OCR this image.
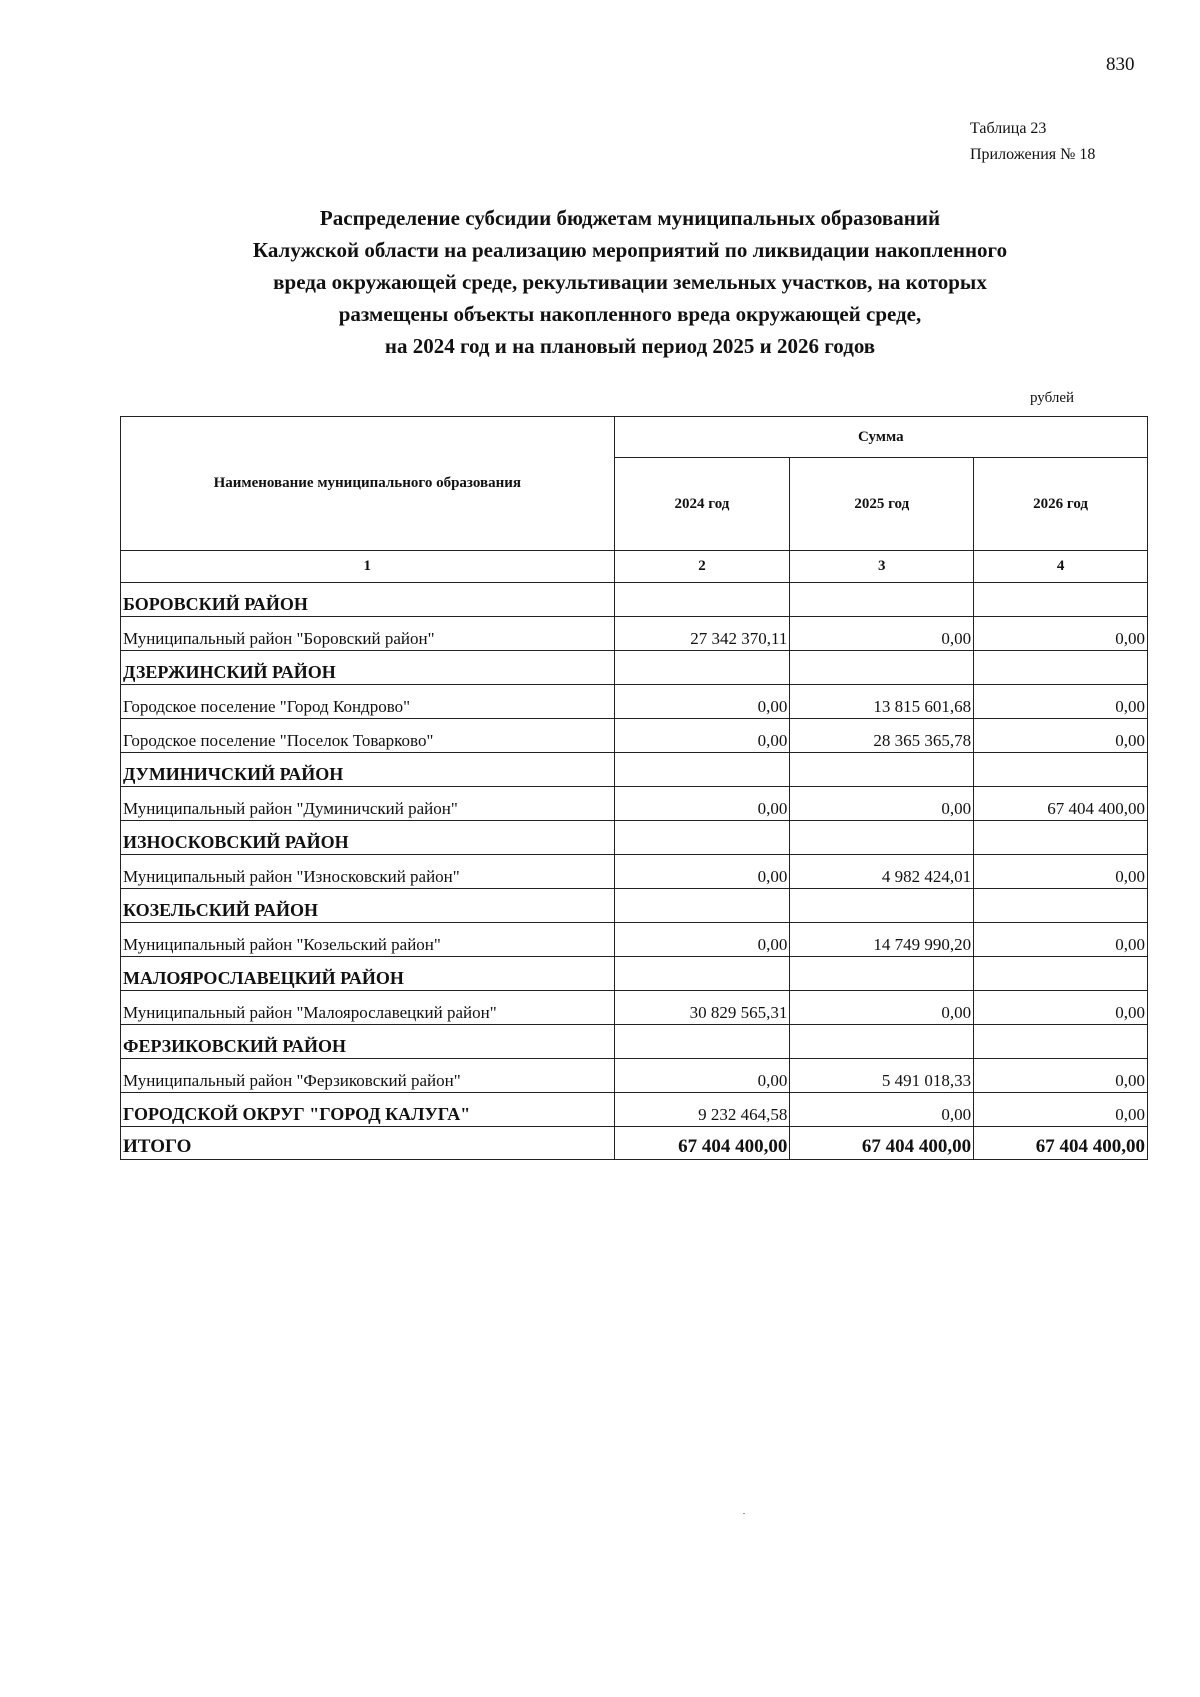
830
Таблица 23
Приложения № 18
Распределение субсидии бюджетам муниципальных образований
Калужской области на реализацию мероприятий по ликвидации накопленного
вреда окружающей среде, рекультивации земельных участков, на которых
размещены объекты накопленного вреда окружающей среде,
на 2024 год и на плановый период 2025 и 2026 годов
рублей
Наименование муниципального образования	Сумма		
	2024 год	2025 год	2026 год
1	2	3	4
БОРОВСКИЙ РАЙОН			
Муниципальный район "Боровский район"	27 342 370,11	0,00	0,00
ДЗЕРЖИНСКИЙ РАЙОН			
Городское поселение "Город Кондрово"	0,00	13 815 601,68	0,00
Городское поселение "Поселок Товарково"	0,00	28 365 365,78	0,00
ДУМИНИЧСКИЙ РАЙОН			
Муниципальный район "Думиничский район"	0,00	0,00	67 404 400,00
ИЗНОСКОВСКИЙ РАЙОН			
Муниципальный район "Износковский район"	0,00	4 982 424,01	0,00
КОЗЕЛЬСКИЙ РАЙОН			
Муниципальный район "Козельский район"	0,00	14 749 990,20	0,00
МАЛОЯРОСЛАВЕЦКИЙ РАЙОН			
Муниципальный район "Малоярославецкий район"	30 829 565,31	0,00	0,00
ФЕРЗИКОВСКИЙ РАЙОН			
Муниципальный район "Ферзиковский район"	0,00	5 491 018,33	0,00
ГОРОДСКОЙ ОКРУГ "ГОРОД КАЛУГА"	9 232 464,58	0,00	0,00
ИТОГО	67 404 400,00	67 404 400,00	67 404 400,00
